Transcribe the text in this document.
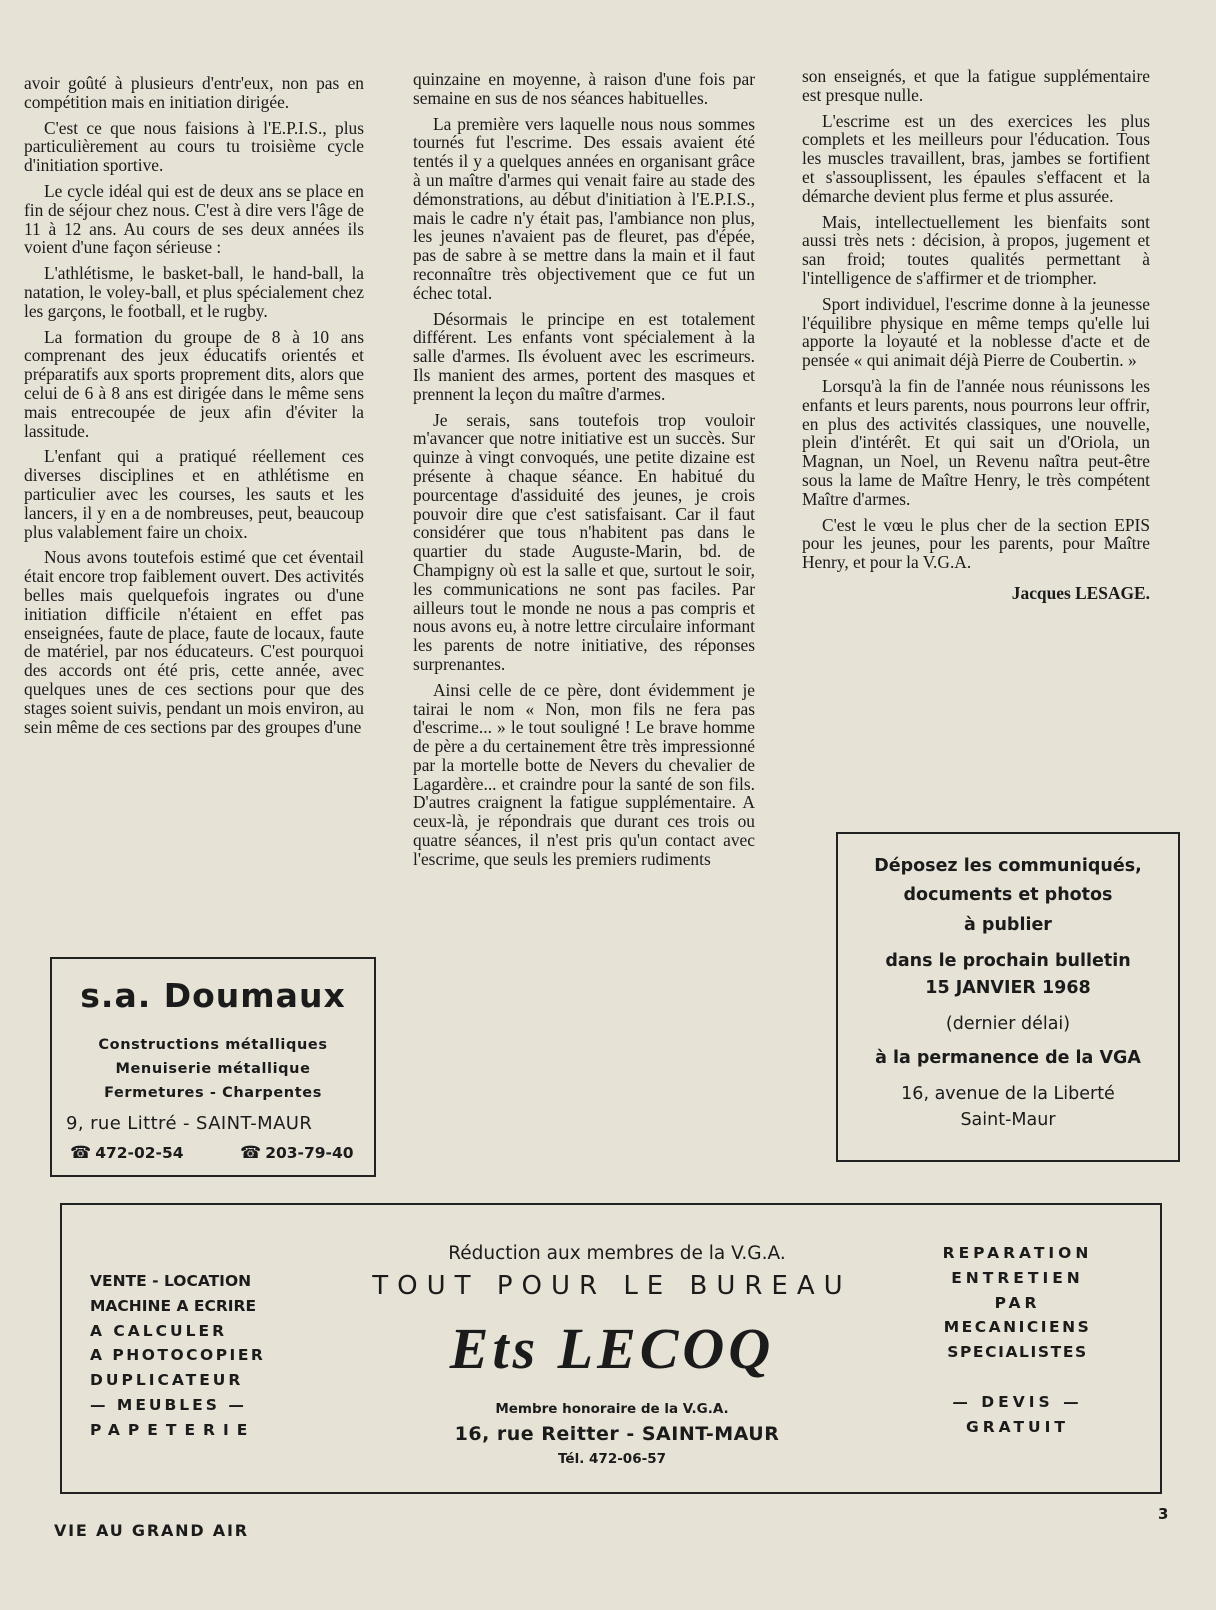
avoir goûté à plusieurs d'entr'eux, non pas en compétition mais en initiation dirigée.

C'est ce que nous faisions à l'E.P.I.S., plus particulièrement au cours tu troisième cycle d'initiation sportive.

Le cycle idéal qui est de deux ans se place en fin de séjour chez nous. C'est à dire vers l'âge de 11 à 12 ans. Au cours de ses deux années ils voient d'une façon sérieuse :

L'athlétisme, le basket-ball, le hand-ball, la natation, le voley-ball, et plus spécialement chez les garçons, le football, et le rugby.

La formation du groupe de 8 à 10 ans comprenant des jeux éducatifs orientés et préparatifs aux sports proprement dits, alors que celui de 6 à 8 ans est dirigée dans le même sens mais entrecoupée de jeux afin d'éviter la lassitude.

L'enfant qui a pratiqué réellement ces diverses disciplines et en athlétisme en particulier avec les courses, les sauts et les lancers, il y en a de nombreuses, peut, beaucoup plus valablement faire un choix.

Nous avons toutefois estimé que cet éventail était encore trop faiblement ouvert. Des activités belles mais quelquefois ingrates ou d'une initiation difficile n'étaient en effet pas enseignées, faute de place, faute de locaux, faute de matériel, par nos éducateurs. C'est pourquoi des accords ont été pris, cette année, avec quelques unes de ces sections pour que des stages soient suivis, pendant un mois environ, au sein même de ces sections par des groupes d'une

quinzaine en moyenne, à raison d'une fois par semaine en sus de nos séances habituelles.

La première vers laquelle nous nous sommes tournés fut l'escrime. Des essais avaient été tentés il y a quelques années en organisant grâce à un maître d'armes qui venait faire au stade des démonstrations, au début d'initiation à l'E.P.I.S., mais le cadre n'y était pas, l'ambiance non plus, les jeunes n'avaient pas de fleuret, pas d'épée, pas de sabre à se mettre dans la main et il faut reconnaître très objectivement que ce fut un échec total.

Désormais le principe en est totalement différent. Les enfants vont spécialement à la salle d'armes. Ils évoluent avec les escrimeurs. Ils manient des armes, portent des masques et prennent la leçon du maître d'armes.

Je serais, sans toutefois trop vouloir m'avancer que notre initiative est un succès. Sur quinze à vingt convoqués, une petite dizaine est présente à chaque séance. En habitué du pourcentage d'assiduité des jeunes, je crois pouvoir dire que c'est satisfaisant. Car il faut considérer que tous n'habitent pas dans le quartier du stade Auguste-Marin, bd. de Champigny où est la salle et que, surtout le soir, les communications ne sont pas faciles. Par ailleurs tout le monde ne nous a pas compris et nous avons eu, à notre lettre circulaire informant les parents de notre initiative, des réponses surprenantes.

Ainsi celle de ce père, dont évidemment je tairai le nom « Non, mon fils ne fera pas d'escrime... » le tout souligné ! Le brave homme de père a du certainement être très impressionné par la mortelle botte de Nevers du chevalier de Lagardère... et craindre pour la santé de son fils. D'autres craignent la fatigue supplémentaire. A ceux-là, je répondrais que durant ces trois ou quatre séances, il n'est pris qu'un contact avec l'escrime, que seuls les premiers rudiments

son enseignés, et que la fatigue supplémentaire est presque nulle.

L'escrime est un des exercices les plus complets et les meilleurs pour l'éducation. Tous les muscles travaillent, bras, jambes se fortifient et s'assouplissent, les épaules s'effacent et la démarche devient plus ferme et plus assurée.

Mais, intellectuellement les bienfaits sont aussi très nets : décision, à propos, jugement et san froid; toutes qualités permettant à l'intelligence de s'affirmer et de triompher.

Sport individuel, l'escrime donne à la jeunesse l'équilibre physique en même temps qu'elle lui apporte la loyauté et la noblesse d'acte et de pensée « qui animait déjà Pierre de Coubertin. »

Lorsqu'à la fin de l'année nous réunissons les enfants et leurs parents, nous pourrons leur offrir, en plus des activités classiques, une nouvelle, plein d'intérêt. Et qui sait un d'Oriola, un Magnan, un Noel, un Revenu naîtra peut-être sous la lame de Maître Henry, le très compétent Maître d'armes.

C'est le vœu le plus cher de la section EPIS pour les jeunes, pour les parents, pour Maître Henry, et pour la V.G.A.

Jacques LESAGE.

s.a. Doumaux
Constructions métalliques
Menuiserie métallique
Fermetures - Charpentes
9, rue Littré - SAINT-MAUR
☎ 472-02-54	☎ 203-79-40
Déposez les communiqués,
documents et photos
à publier
dans le prochain bulletin
15 JANVIER 1968
(dernier délai)
à la permanence de la VGA
16, avenue de la Liberté
Saint-Maur
VENTE - LOCATION
MACHINE A ECRIRE
A CALCULER
A PHOTOCOPIER
DUPLICATEUR
— MEUBLES —
PAPETERIE
Réduction aux membres de la V.G.A.
TOUT POUR LE BUREAU
Ets LECOQ
Membre honoraire de la V.G.A.
16, rue Reitter - SAINT-MAUR
Tél. 472-06-57
REPARATION
ENTRETIEN
PAR
MECANICIENS
SPECIALISTES
— DEVIS —
GRATUIT
VIE AU GRAND AIR
3
